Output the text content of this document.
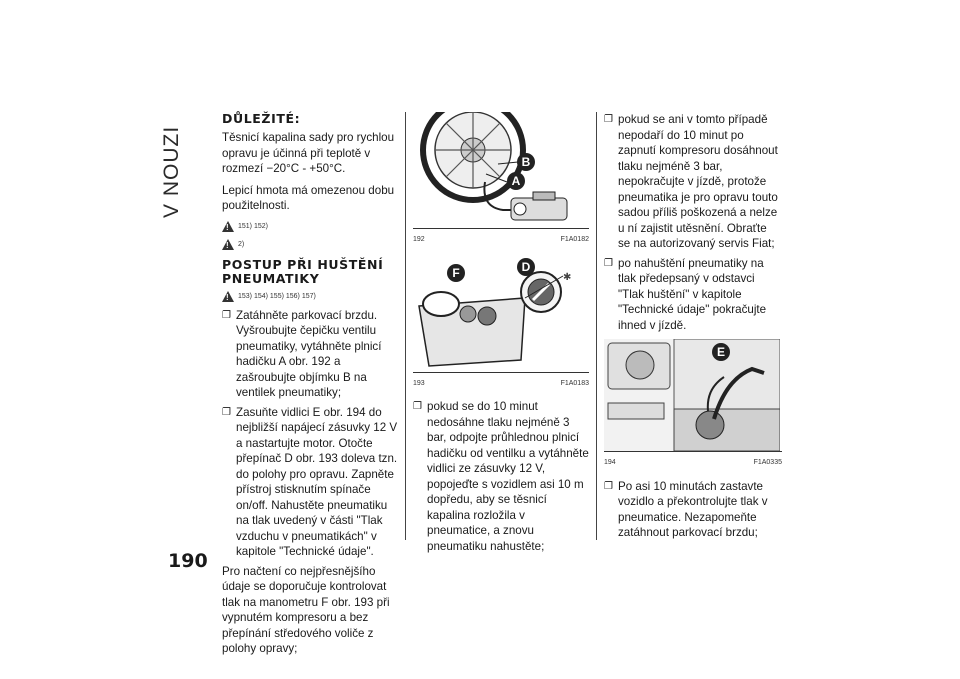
V NOUZI
190
DŮLEŽITÉ:

Těsnicí kapalina sady pro rychlou opravu je účinná při teplotě v rozmezí −20°C - +50°C.

Lepicí hmota má omezenou dobu použitelnosti.

!
151) 152)
!
2)
POSTUP PŘI HUŠTĚNÍ PNEUMATIKY
!
153) 154) 155) 156) 157)
❐ Zatáhněte parkovací brzdu. Vyšroubujte čepičku ventilu pneumatiky, vytáhněte plnicí hadičku A obr. 192 a zašroubujte objímku B na ventilek pneumatiky;
❐ Zasuňte vidlici E obr. 194 do nejbližší napájecí zásuvky 12 V a nastartujte motor. Otočte přepínač D obr. 193 doleva tzn. do polohy pro opravu. Zapněte přístroj stisknutím spínače on/off. Nahustěte pneumatiku na tlak uvedený v části "Tlak vzduchu v pneumatikách" v kapitole "Technické údaje".

Pro načtení co nejpřesnějšího údaje se doporučuje kontrolovat tlak na manometru F obr. 193 při vypnutém kompresoru a bez přepínání středového voliče z polohy opravy;

A
B
192	F1A0182
✱
F	D
193	F1A0183
❐ pokud se do 10 minut nedosáhne tlaku nejméně 3 bar, odpojte průhlednou plnicí hadičku od ventilku a vytáhněte vidlici ze zásuvky 12 V, popojeďte s vozidlem asi 10 m dopředu, aby se těsnicí kapalina rozložila v pneumatice, a znovu pneumatiku nahustěte;
❐ pokud se ani v tomto případě nepodaří do 10 minut po zapnutí kompresoru dosáhnout tlaku nejméně 3 bar, nepokračujte v jízdě, protože pneumatika je pro opravu touto sadou příliš poškozená a nelze u ní zajistit utěsnění. Obraťte se na autorizovaný servis Fiat;
❐ po nahuštění pneumatiky na tlak předepsaný v odstavci "Tlak huštění" v kapitole "Technické údaje" pokračujte ihned v jízdě.
E
194	F1A0335
❐ Po asi 10 minutách zastavte vozidlo a překontrolujte tlak v pneumatice. Nezapomeňte zatáhnout parkovací brzdu;
